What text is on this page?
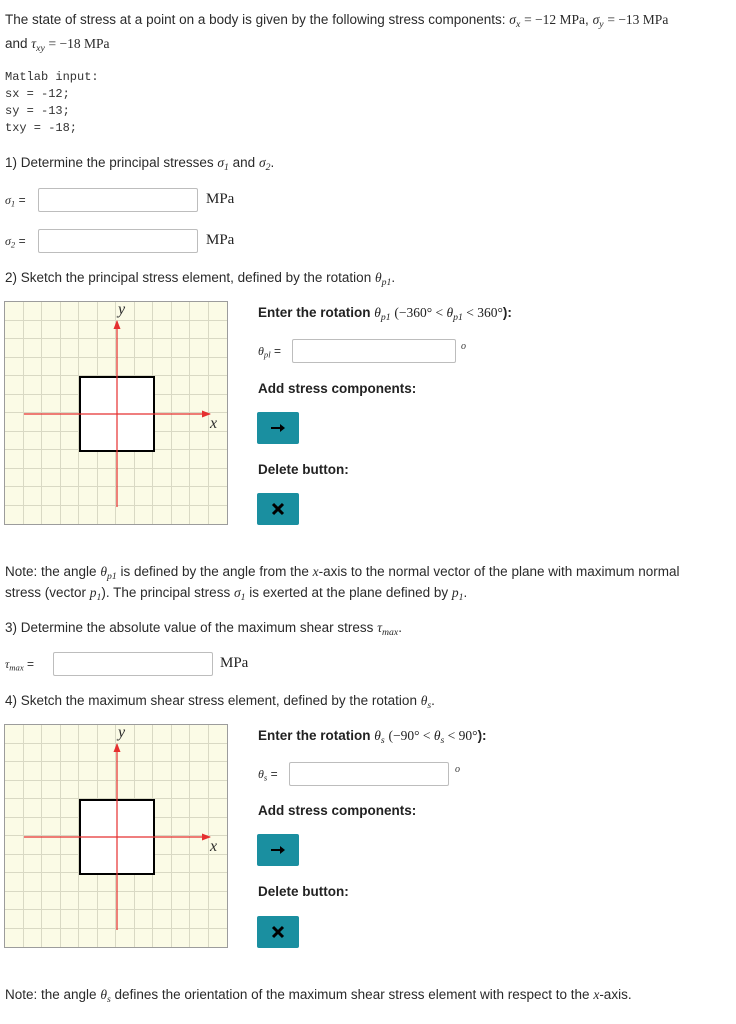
The state of stress at a point on a body is given by the following stress components: $\sigma_x = -12$ MPa, $\sigma_y = -13$ MPa
and $\tau_{xy} = -18$ MPa
Matlab input:
sx = -12;
sy = -13;
txy = -18;
1) Determine the principal stresses $\sigma_1$ and $\sigma_2$.
$\sigma_1$ =	MPa
$\sigma_2$ =	MPa
2) Sketch the principal stress element, defined by the rotation $\theta_{p1}$.
y
x
Enter the rotation $\theta_{p1}$ $(-360^\circ < \theta_{p1} < 360^\circ)$:
$\theta_{pl}$ =	o
Add stress components:
Delete button:
Note: the angle $\theta_{p1}$ is defined by the angle from the x-axis to the normal vector of the plane with maximum normal
stress (vector $p_1$). The principal stress $\sigma_1$ is exerted at the plane defined by $p_1$.
3) Determine the absolute value of the maximum shear stress $\tau_{max}$.
$\tau_{max}$ =	MPa
4) Sketch the maximum shear stress element, defined by the rotation $\theta_s$.
y
x
Enter the rotation $\theta_s$ $(-90^\circ < \theta_s < 90^\circ)$:
$\theta_s$ =	o
Add stress components:
Delete button:
Note: the angle $\theta_s$ defines the orientation of the maximum shear stress element with respect to the x-axis.
